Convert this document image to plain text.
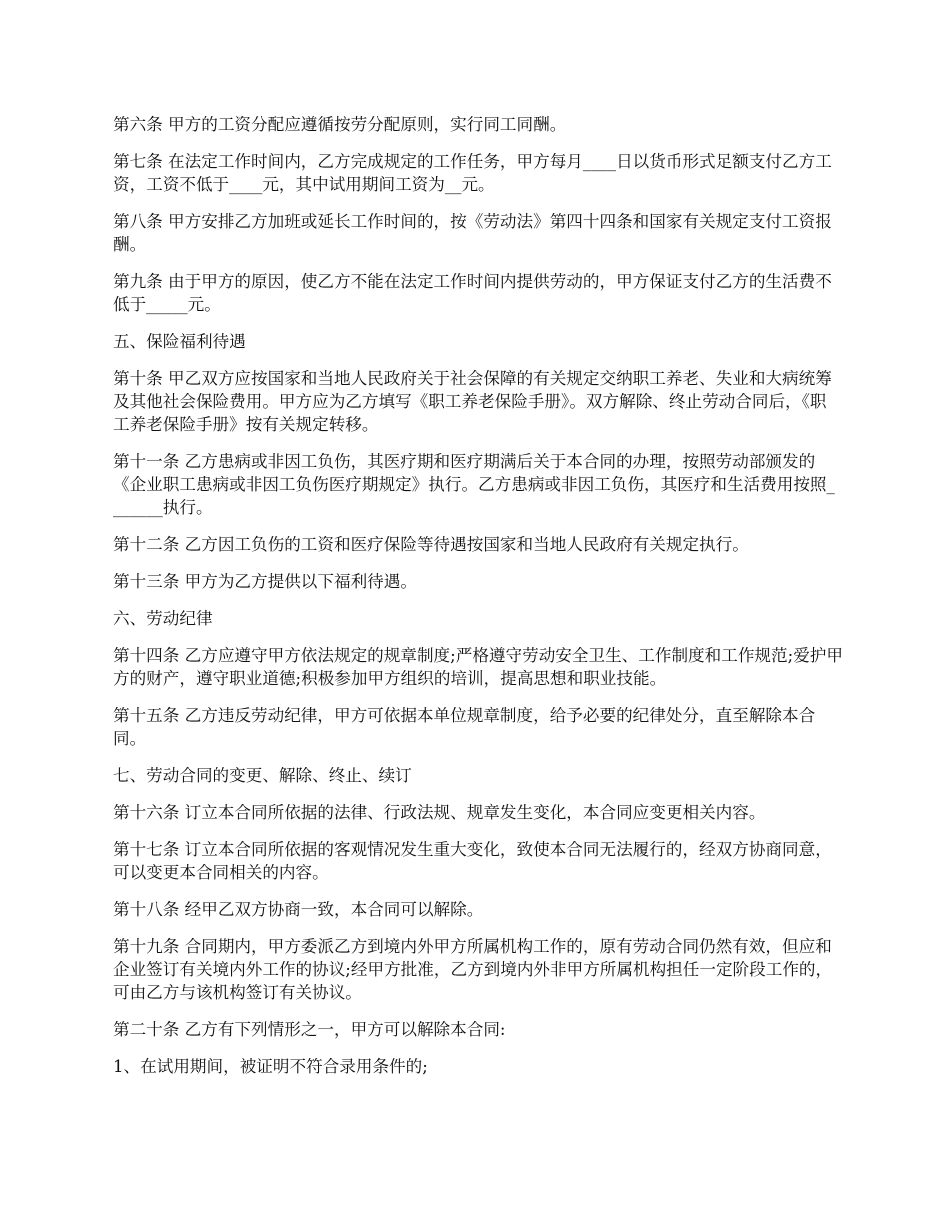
第六条 甲方的工资分配应遵循按劳分配原则，实行同工同酬。

第七条 在法定工作时间内，乙方完成规定的工作任务，甲方每月____日以货币形式足额支付乙方工资，工资不低于____元，其中试用期间工资为__元。

第八条 甲方安排乙方加班或延长工作时间的，按《劳动法》第四十四条和国家有关规定支付工资报酬。

第九条 由于甲方的原因，使乙方不能在法定工作时间内提供劳动的，甲方保证支付乙方的生活费不低于_____元。

五、保险福利待遇

第十条 甲乙双方应按国家和当地人民政府关于社会保障的有关规定交纳职工养老、失业和大病统筹及其他社会保险费用。甲方应为乙方填写《职工养老保险手册》。双方解除、终止劳动合同后，《职工养老保险手册》按有关规定转移。

第十一条 乙方患病或非因工负伤，其医疗期和医疗期满后关于本合同的办理，按照劳动部颁发的《企业职工患病或非因工负伤医疗期规定》执行。乙方患病或非因工负伤，其医疗和生活费用按照_______执行。

第十二条 乙方因工负伤的工资和医疗保险等待遇按国家和当地人民政府有关规定执行。

第十三条 甲方为乙方提供以下福利待遇。

六、劳动纪律

第十四条 乙方应遵守甲方依法规定的规章制度;严格遵守劳动安全卫生、工作制度和工作规范;爱护甲方的财产，遵守职业道德;积极参加甲方组织的培训，提高思想和职业技能。

第十五条 乙方违反劳动纪律，甲方可依据本单位规章制度，给予必要的纪律处分，直至解除本合同。

七、劳动合同的变更、解除、终止、续订

第十六条 订立本合同所依据的法律、行政法规、规章发生变化，本合同应变更相关内容。

第十七条 订立本合同所依据的客观情况发生重大变化，致使本合同无法履行的，经双方协商同意，可以变更本合同相关的内容。

第十八条 经甲乙双方协商一致，本合同可以解除。

第十九条 合同期内，甲方委派乙方到境内外甲方所属机构工作的，原有劳动合同仍然有效，但应和企业签订有关境内外工作的协议;经甲方批准，乙方到境内外非甲方所属机构担任一定阶段工作的，可由乙方与该机构签订有关协议。

第二十条 乙方有下列情形之一，甲方可以解除本合同:

1、在试用期间，被证明不符合录用条件的;
